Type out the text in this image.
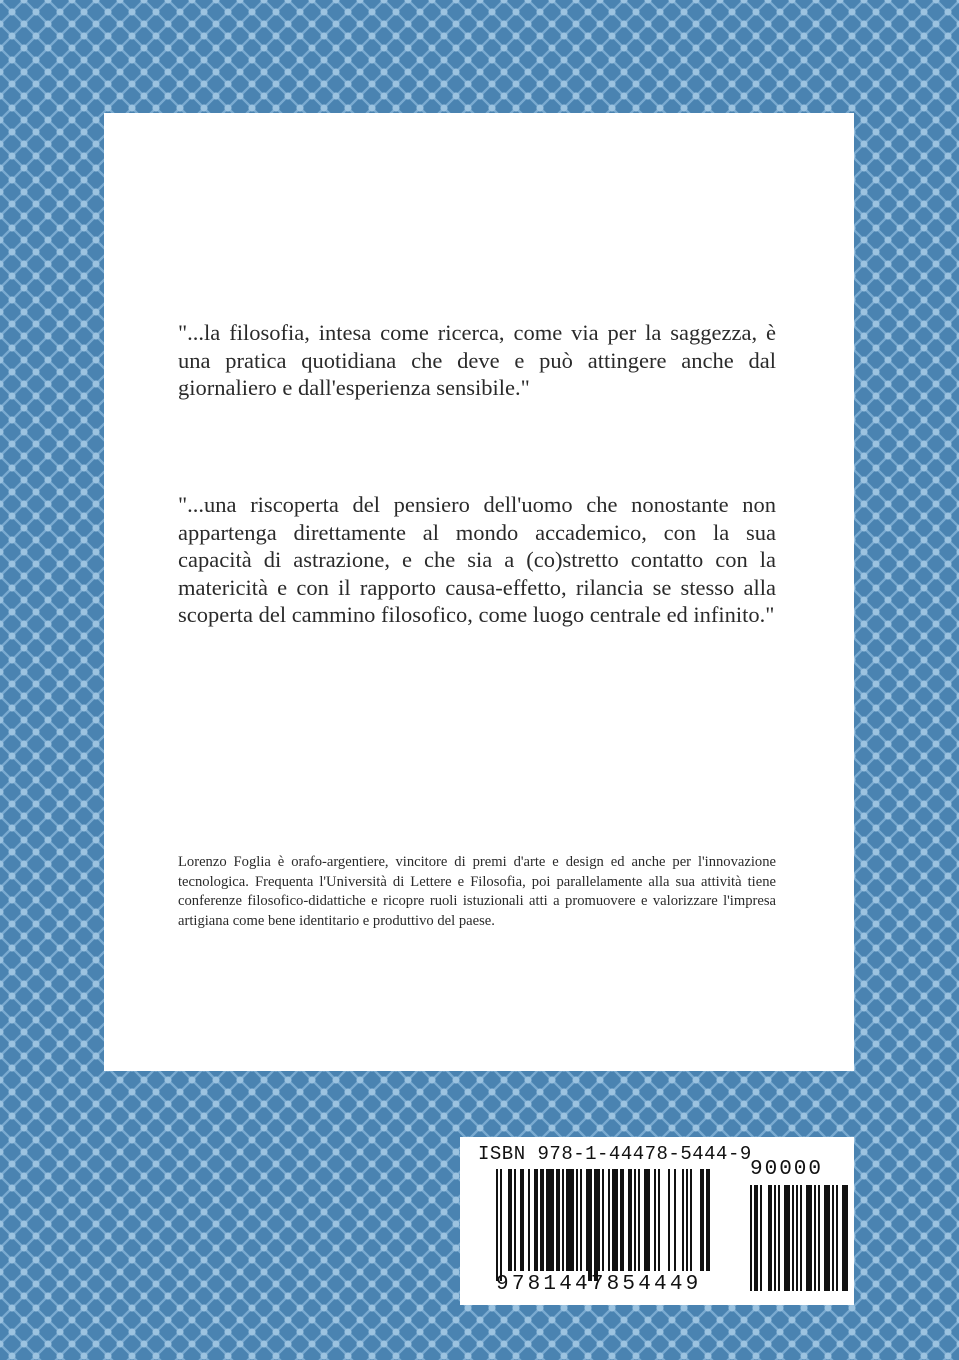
"...la filosofia, intesa come ricerca, come via per la saggezza, è una pratica quotidiana che deve e può attingere anche dal giornaliero e dall'esperienza sensibile."

"...una riscoperta del pensiero dell'uomo che nonostante non appartenga direttamente al mondo accademico, con la sua capacità di astrazione, e che sia a (co)stretto contatto con la matericità e con il rapporto causa-effetto, rilancia se stesso alla scoperta del cammino filosofico, come luogo centrale ed infinito."

Lorenzo Foglia è orafo-argentiere, vincitore di premi d'arte e design ed anche per l'innovazione tecnologica. Frequenta l'Università di Lettere e Filosofia, poi parallelamente alla sua attività tiene conferenze filosofico-didattiche e ricopre ruoli istuzionali atti a promuovere e valorizzare l'impresa artigiana come bene identitario e produttivo del paese.

ISBN 978-1-44478-5444-9
9781447854449
90000
